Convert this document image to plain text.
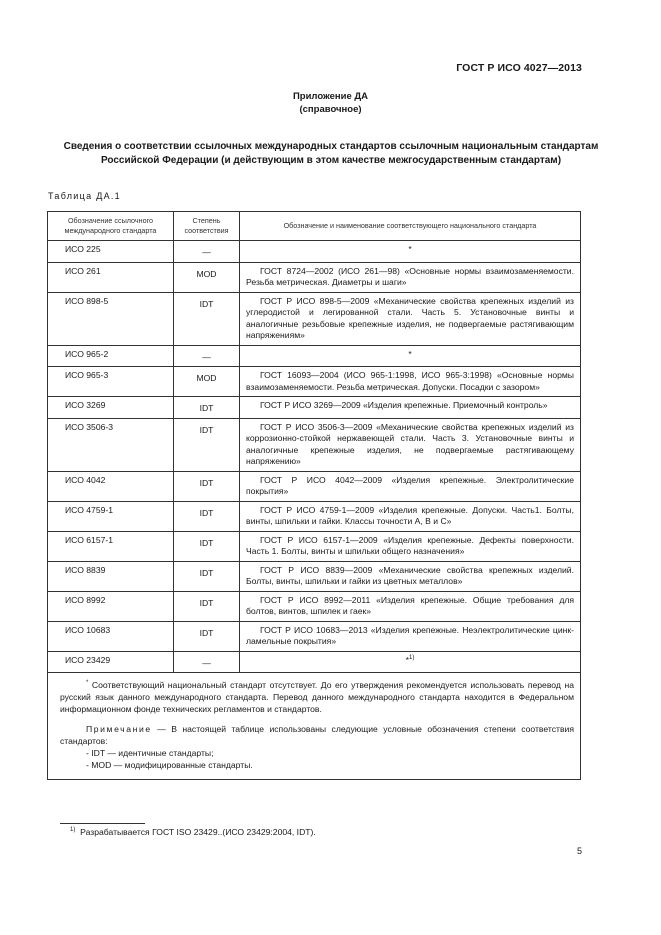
ГОСТ Р ИСО 4027—2013
Приложение ДА
(справочное)
Сведения о соответствии ссылочных международных стандартов ссылочным национальным стандартам Российской Федерации (и действующим в этом качестве межгосударственным стандартам)
Таблица ДА.1
Обозначение ссылочного международного стандарта	Степень соответствия	Обозначение и наименование соответствующего национального стандарта
ИСО 225	—	*
ИСО 261	MOD	ГОСТ 8724—2002 (ИСО 261—98) «Основные нормы взаимозаменяемости. Резьба метрическая. Диаметры и шаги»
ИСО 898-5	IDT	ГОСТ Р ИСО 898-5—2009 «Механические свойства крепежных изделий из углеродистой и легированной стали. Часть 5. Установочные винты и аналогичные резьбовые крепежные изделия, не подвергаемые растягивающим напряжениям»
ИСО 965-2	—	*
ИСО 965-3	MOD	ГОСТ 16093—2004 (ИСО 965-1:1998, ИСО 965-3:1998) «Основные нормы взаимозаменяемости. Резьба метрическая. Допуски. Посадки с зазором»
ИСО 3269	IDT	ГОСТ Р ИСО 3269—2009 «Изделия крепежные. Приемочный контроль»
ИСО 3506-3	IDT	ГОСТ Р ИСО 3506-3—2009 «Механические свойства крепежных изделий из коррозионно-стойкой нержавеющей стали. Часть 3. Установочные винты и аналогичные крепежные изделия, не подвергаемые растягивающему напряжению»
ИСО 4042	IDT	ГОСТ Р ИСО 4042—2009 «Изделия крепежные. Электролитические покрытия»
ИСО 4759-1	IDT	ГОСТ Р ИСО 4759-1—2009 «Изделия крепежные. Допуски. Часть1. Болты, винты, шпильки и гайки. Классы точности А, В и С»
ИСО 6157-1	IDT	ГОСТ Р ИСО 6157-1—2009 «Изделия крепежные. Дефекты поверхности. Часть 1. Болты, винты и шпильки общего назначения»
ИСО 8839	IDT	ГОСТ Р ИСО 8839—2009 «Механические свойства крепежных изделий. Болты, винты, шпильки и гайки из цветных металлов»
ИСО 8992	IDT	ГОСТ Р ИСО 8992—2011 «Изделия крепежные. Общие требования для болтов, винтов, шпилек и гаек»
ИСО 10683	IDT	ГОСТ Р ИСО 10683—2013 «Изделия крепежные. Неэлектролитические цинк-ламельные покрытия»
ИСО 23429	—	*$^{1)}$

* Соответствующий национальный стандарт отсутствует. До его утверждения рекомендуется использовать перевод на русский язык данного международного стандарта. Перевод данного международного стандарта находится в Федеральном информационном фонде технических регламентов и стандартов.

Примечание — В настоящей таблице использованы следующие условные обозначения степени соответствия стандартов:

- IDT — идентичные стандарты;

- MOD — модифицированные стандарты.		

$^{1)}$ Разрабатывается ГОСТ ISO 23429..(ИСО 23429:2004, IDT).
5
